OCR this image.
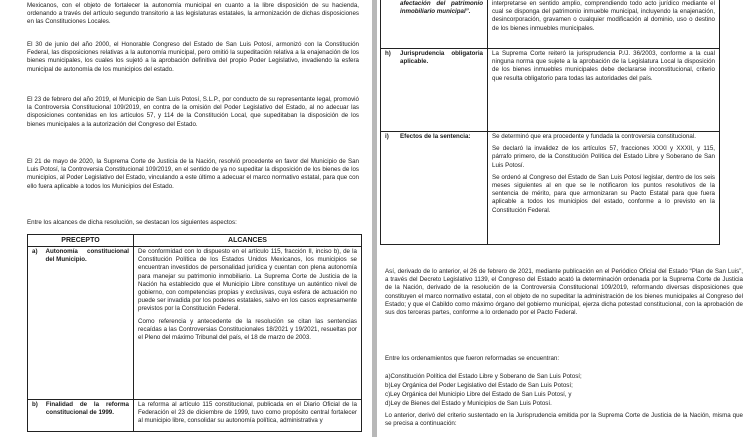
Mexicanos, con el objeto de fortalecer la autonomía municipal en cuanto a la libre disposición de su hacienda, ordenando a través del artículo segundo transitorio a las legislaturas estatales, la armonización de dichas disposiciones en las Constituciones Locales.

El 30 de junio del año 2000, el Honorable Congreso del Estado de San Luis Potosí, armonizó con la Constitución Federal, las disposiciones relativas a la autonomía municipal, pero omitió la supeditación relativa a la enajenación de los bienes municipales, los cuales los sujetó a la aprobación definitiva del propio Poder Legislativo, invadiendo la esfera municipal de autonomía de los municipios del estado.

El 23 de febrero del año 2019, el Municipio de San Luis Potosí, S.L.P., por conducto de su representante legal, promovió la Controversia Constitucional 109/2019, en contra de la omisión del Poder Legislativo del Estado, al no adecuar las disposiciones contenidas en los artículos 57, y 114 de la Constitución Local, que supeditaban la disposición de los bienes municipales a la autorización del Congreso del Estado.

El 21 de mayo de 2020, la Suprema Corte de Justicia de la Nación, resolvió procedente en favor del Municipio de San Luis Potosí, la Controversia Constitucional 109/2019, en el sentido de ya no supeditar la disposición de los bienes de los municipios, al Poder Legislativo del Estado, vinculando a este último a adecuar el marco normativo estatal, para que con ello fuera aplicable a todos los Municipios del Estado.

Entre los alcances de dicha resolución, se destacan los siguientes aspectos:

PRECEPTO	ALCANCES

a) Autonomía constitucional del Municipio.	De conformidad con lo dispuesto en el artículo 115, fracción II, inciso b), de la Constitución Política de los Estados Unidos Mexicanos, los municipios se encuentran investidos de personalidad jurídica y cuentan con plena autonomía para manejar su patrimonio inmobiliario. La Suprema Corte de Justicia de la Nación ha establecido que el Municipio Libre constituye un auténtico nivel de gobierno, con competencias propias y exclusivas, cuya esfera de actuación no puede ser invadida por los poderes estatales, salvo en los casos expresamente previstos por la Constitución Federal.
Como referencia y antecedente de la resolución se citan las sentencias recaídas a las Controversias Constitucionales 18/2021 y 19/2021, resueltas por el Pleno del máximo Tribunal del país, el 18 de marzo de 2003.

b) Finalidad de la reforma constitucional de 1999.	La reforma al artículo 115 constitucional, publicada en el Diario Oficial de la Federación el 23 de diciembre de 1999, tuvo como propósito central fortalecer al municipio libre, consolidar su autonomía política, administrativa y
afectación del patrimonio inmobiliario municipal”.	interpretarse en sentido amplio, comprendiendo todo acto jurídico mediante el cual se disponga del patrimonio inmueble municipal, incluyendo la enajenación, desincorporación, gravamen o cualquier modificación al dominio, uso o destino de los bienes inmuebles municipales.

h) Jurisprudencia obligatoria aplicable.	La Suprema Corte reiteró la jurisprudencia P./J. 36/2003, conforme a la cual ninguna norma que sujete a la aprobación de la Legislatura Local la disposición de los bienes inmuebles municipales debe declararse inconstitucional, criterio que resulta obligatorio para todas las autoridades del país.

i) Efectos de la sentencia:	Se determinó que era procedente y fundada la controversia constitucional.
Se declaró la invalidez de los artículos 57, fracciones XXXI y XXXII, y 115, párrafo primero, de la Constitución Política del Estado Libre y Soberano de San Luis Potosí.
Se ordenó al Congreso del Estado de San Luis Potosí legislar, dentro de los seis meses siguientes al en que se le notificaron los puntos resolutivos de la sentencia de mérito, para que armonizaran su Pacto Estatal para que fuera aplicable a todos los municipios del estado, conforme a lo previsto en la Constitución Federal.

Así, derivado de lo anterior, el 26 de febrero de 2021, mediante publicación en el Periódico Oficial del Estado “Plan de San Luis”, a través del Decreto Legislativo 1139, el Congreso del Estado acató la determinación ordenada por la Suprema Corte de Justicia de la Nación, derivado de la resolución de la Controversia Constitucional 109/2019, reformando diversas disposiciones que constituyen el marco normativo estatal, con el objeto de no supeditar la administración de los bienes municipales al Congreso del Estado; y que el Cabildo como máximo órgano del gobierno municipal, ejerza dicha potestad constitucional, con la aprobación de sus dos terceras partes, conforme a lo ordenado por el Pacto Federal.

Entre los ordenamientos que fueron reformadas se encuentran:

a)Constitución Política del Estado Libre y Soberano de San Luis Potosí;

b)Ley Orgánica del Poder Legislativo del Estado de San Luis Potosí;

c)Ley Orgánica del Municipio Libre del Estado de San Luis Potosí, y

d)Ley de Bienes del Estado y Municipios de San Luis Potosí.

Lo anterior, derivó del criterio sustentado en la Jurisprudencia emitida por la Suprema Corte de Justicia de la Nación, misma que se precisa a continuación:
